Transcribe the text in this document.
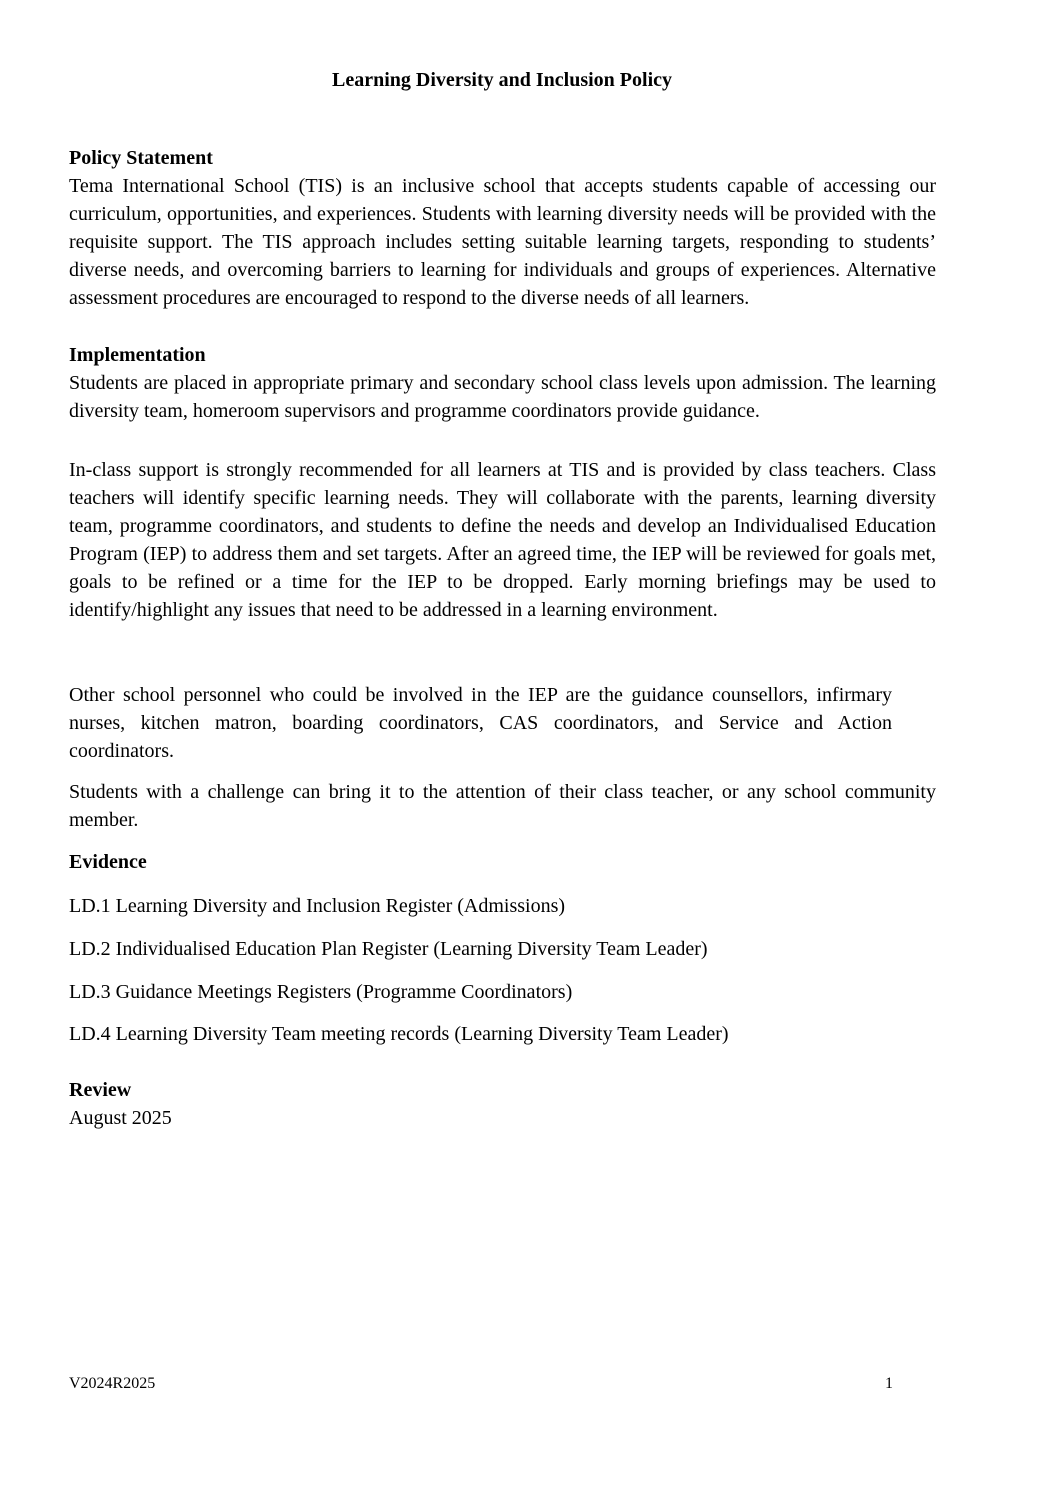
Learning Diversity and Inclusion Policy

Policy Statement

Tema International School (TIS) is an inclusive school that accepts students capable of accessing our curriculum, opportunities, and experiences. Students with learning diversity needs will be provided with the requisite support. The TIS approach includes setting suitable learning targets, responding to students’ diverse needs, and overcoming barriers to learning for individuals and groups of experiences. Alternative assessment procedures are encouraged to respond to the diverse needs of all learners.

Implementation

Students are placed in appropriate primary and secondary school class levels upon admission. The learning diversity team, homeroom supervisors and programme coordinators provide guidance.

In-class support is strongly recommended for all learners at TIS and is provided by class teachers. Class teachers will identify specific learning needs. They will collaborate with the parents, learning diversity team, programme coordinators, and students to define the needs and develop an Individualised Education Program (IEP) to address them and set targets. After an agreed time, the IEP will be reviewed for goals met, goals to be refined or a time for the IEP to be dropped. Early morning briefings may be used to identify/highlight any issues that need to be addressed in a learning environment.

Other school personnel who could be involved in the IEP are the guidance counsellors, infirmary nurses, kitchen matron, boarding coordinators, CAS coordinators, and Service and Action coordinators.

Students with a challenge can bring it to the attention of their class teacher, or any school community member.

Evidence

LD.1 Learning Diversity and Inclusion Register (Admissions)
LD.2 Individualised Education Plan Register (Learning Diversity Team Leader)
LD.3 Guidance Meetings Registers (Programme Coordinators)
LD.4 Learning Diversity Team meeting records (Learning Diversity Team Leader)

Review

August 2025

V2024R2025	1
